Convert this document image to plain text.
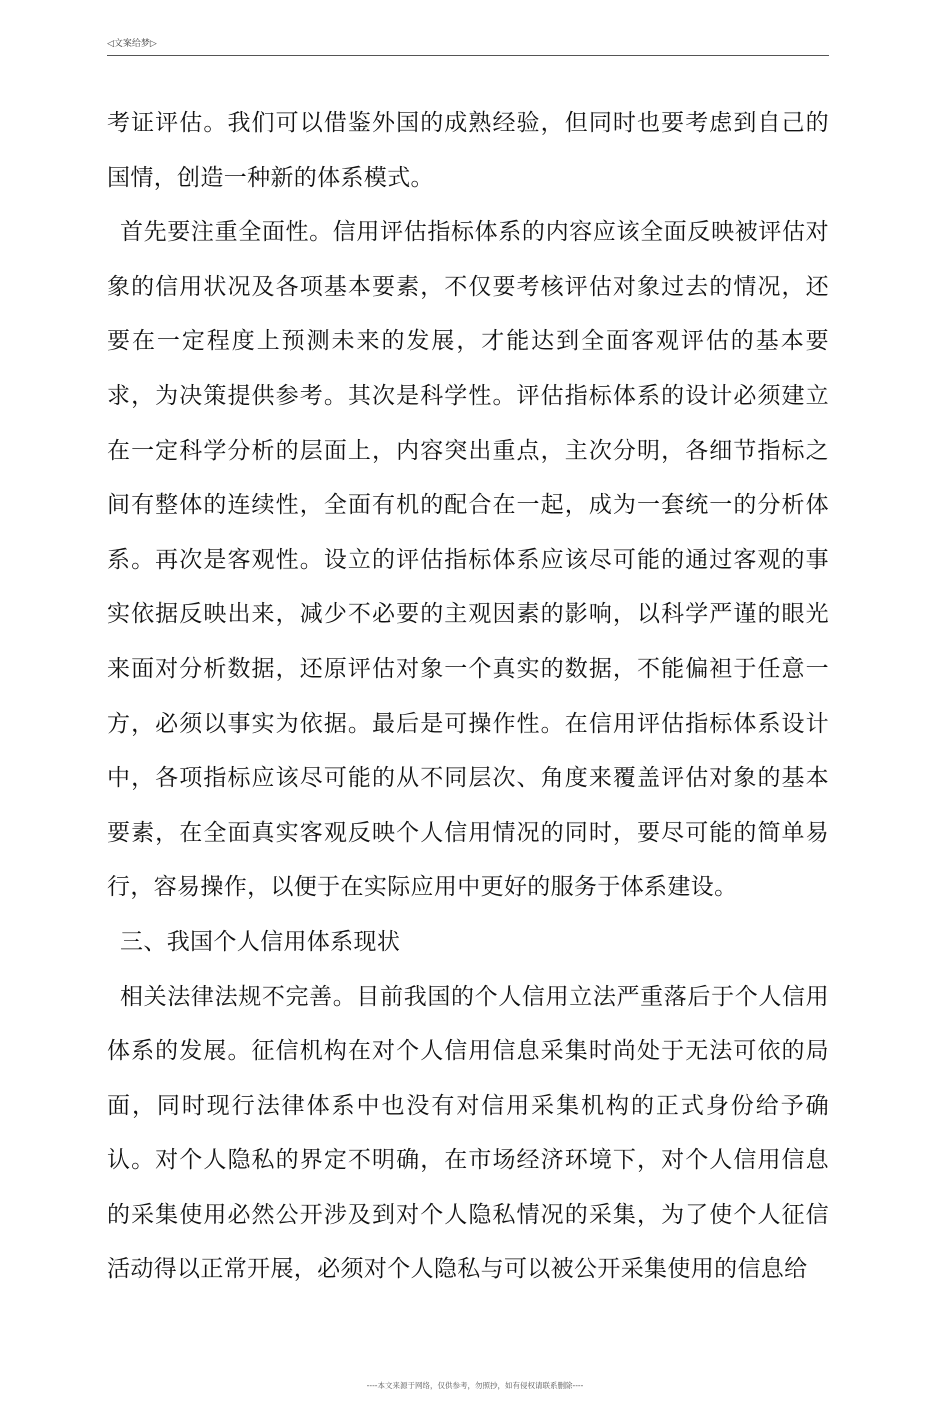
◁文案给梦▷

考证评估。我们可以借鉴外国的成熟经验，但同时也要考虑到自己的国情，创造一种新的体系模式。

首先要注重全面性。信用评估指标体系的内容应该全面反映被评估对象的信用状况及各项基本要素，不仅要考核评估对象过去的情况，还要在一定程度上预测未来的发展，才能达到全面客观评估的基本要求，为决策提供参考。其次是科学性。评估指标体系的设计必须建立在一定科学分析的层面上，内容突出重点，主次分明，各细节指标之间有整体的连续性，全面有机的配合在一起，成为一套统一的分析体系。再次是客观性。设立的评估指标体系应该尽可能的通过客观的事实依据反映出来，减少不必要的主观因素的影响，以科学严谨的眼光来面对分析数据，还原评估对象一个真实的数据，不能偏袒于任意一方，必须以事实为依据。最后是可操作性。在信用评估指标体系设计中，各项指标应该尽可能的从不同层次、角度来覆盖评估对象的基本要素，在全面真实客观反映个人信用情况的同时，要尽可能的简单易行，容易操作，以便于在实际应用中更好的服务于体系建设。

三、我国个人信用体系现状

相关法律法规不完善。目前我国的个人信用立法严重落后于个人信用体系的发展。征信机构在对个人信用信息采集时尚处于无法可依的局面，同时现行法律体系中也没有对信用采集机构的正式身份给予确认。对个人隐私的界定不明确，在市场经济环境下，对个人信用信息的采集使用必然公开涉及到对个人隐私情况的采集，为了使个人征信活动得以正常开展，必须对个人隐私与可以被公开采集使用的信息给

----本文来源于网络，仅供参考，勿照抄，如有侵权请联系删除----
